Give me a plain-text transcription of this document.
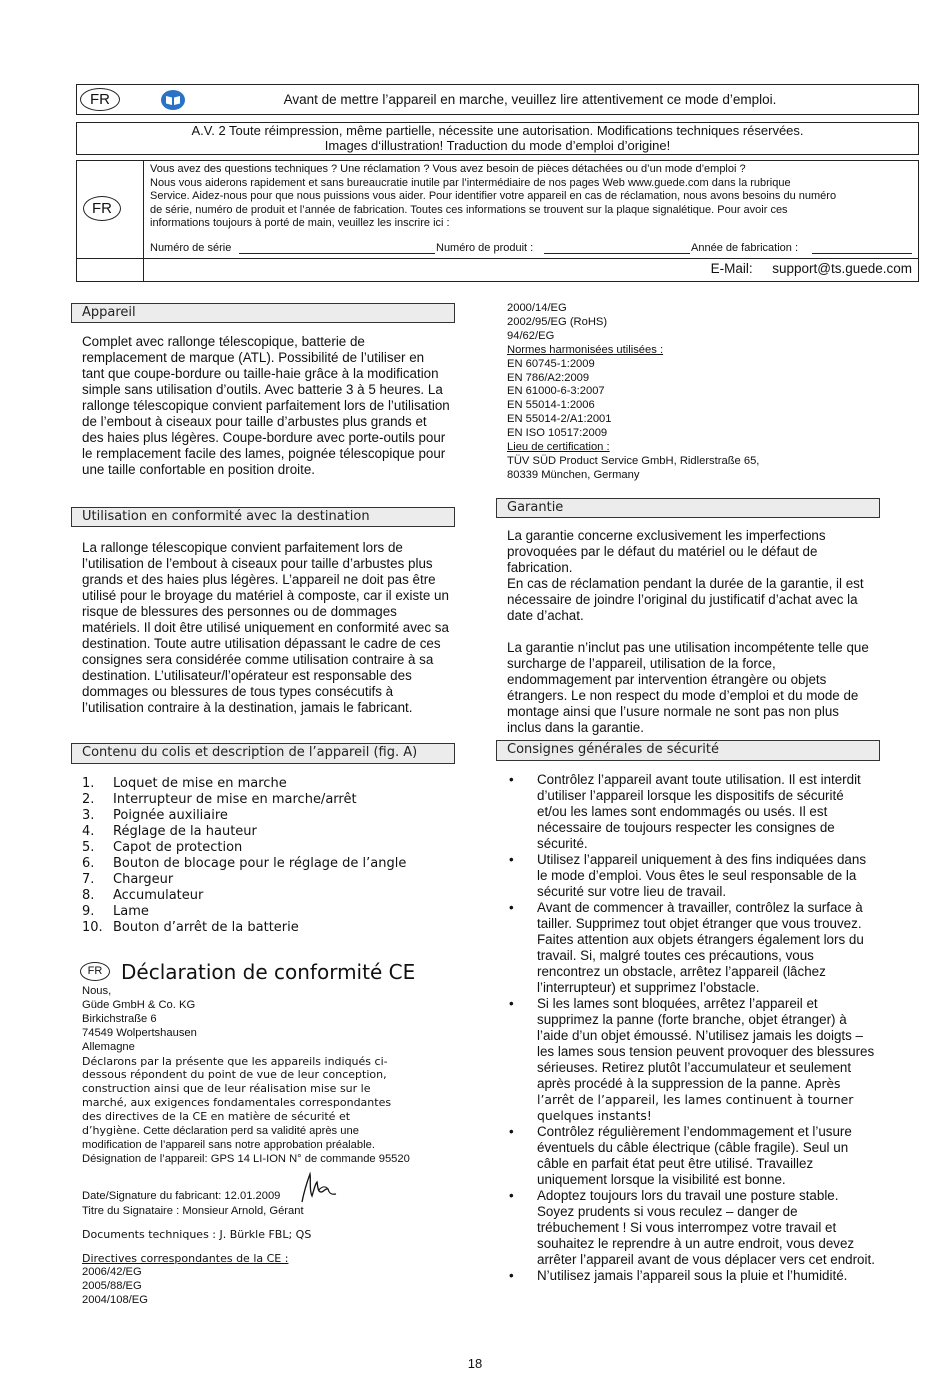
FR	Avant de mettre l’appareil en marche, veuillez lire attentivement ce mode d’emploi.
A.V. 2 Toute réimpression, même partielle, nécessite une autorisation. Modifications techniques réservées.
Images d‘illustration! Traduction du mode d’emploi d’origine!
FR
Vous avez des questions techniques ? Une réclamation ? Vous avez besoin de pièces détachées ou d’un mode d’emploi ?
Nous vous aiderons rapidement et sans bureaucratie inutile par l’intermédiaire de nos pages Web www.guede.com dans la rubrique
Service. Aidez-nous pour que nous puissions vous aider. Pour identifier votre appareil en cas de réclamation, nous avons besoins du numéro
de série, numéro de produit et l’année de fabrication. Toutes ces informations se trouvent sur la plaque signalétique. Pour avoir ces
informations toujours à porté de main, veuillez les inscrire ici :
Numéro de série	Numéro de produit :	Année de fabrication :
E-Mail: support@ts.guede.com
Appareil
Complet avec rallonge télescopique, batterie de remplacement de marque (ATL). Possibilité de l’utiliser en tant que coupe-bordure ou taille-haie grâce à la modification simple sans utilisation d’outils. Avec batterie 3 à 5 heures. La rallonge télescopique convient parfaitement lors de l’utilisation de l’embout à ciseaux pour taille d’arbustes plus grands et des haies plus légères. Coupe-bordure avec porte-outils pour le remplacement facile des lames, poignée télescopique pour une taille confortable en position droite.
Utilisation en conformité avec la destination
La rallonge télescopique convient parfaitement lors de l’utilisation de l’embout à ciseaux pour taille d’arbustes plus grands et des haies plus légères. L’appareil ne doit pas être utilisé pour le broyage du matériel à composte, car il existe un risque de blessures des personnes ou de dommages matériels. Il doit être utilisé uniquement en conformité avec sa destination. Toute autre utilisation dépassant le cadre de ces consignes sera considérée comme utilisation contraire à sa destination. L’utilisateur/l’opérateur est responsable des dommages ou blessures de tous types consécutifs à l’utilisation contraire à la destination, jamais le fabricant.
Contenu du colis et description de l’appareil (fig. A)
1. Loquet de mise en marche
2. Interrupteur de mise en marche/arrêt
3. Poignée auxiliaire
4. Réglage de la hauteur
5. Capot de protection
6. Bouton de blocage pour le réglage de l’angle
7. Chargeur
8. Accumulateur
9. Lame
10. Bouton d’arrêt de la batterie
FR Déclaration de conformité CE
Nous,
Güde GmbH & Co. KG
Birkichstraße 6
74549 Wolpertshausen
Allemagne
Déclarons par la présente que les appareils indiqués ci-
dessous répondent du point de vue de leur conception,
construction ainsi que de leur réalisation mise sur le
marché, aux exigences fondamentales correspondantes
des directives de la CE en matière de sécurité et
d’hygiène. Cette déclaration perd sa validité après une
modification de l’appareil sans notre approbation préalable.
Désignation de l’appareil: GPS 14 LI-ION N° de commande 95520
Date/Signature du fabricant: 12.01.2009
Titre du Signataire : Monsieur Arnold, Gérant
Documents techniques : J. Bürkle FBL; QS
Directives correspondantes de la CE :
2006/42/EG
2005/88/EG
2004/108/EG
2000/14/EG
2002/95/EG (RoHS)
94/62/EG
Normes harmonisées utilisées :
EN 60745-1:2009
EN 786/A2:2009
EN 61000-6-3:2007
EN 55014-1:2006
EN 55014-2/A1:2001
EN ISO 10517:2009
Lieu de certification :
TÜV SÜD Product Service GmbH, Ridlerstraße 65,
80339 München, Germany
Garantie

La garantie concerne exclusivement les imperfections provoquées par le défaut du matériel ou le défaut de fabrication.

En cas de réclamation pendant la durée de la garantie, il est nécessaire de joindre l’original du justificatif d’achat avec la date d’achat.

La garantie n’inclut pas une utilisation incompétente telle que surcharge de l’appareil, utilisation de la force, endommagement par intervention étrangère ou objets étrangers. Le non respect du mode d’emploi et du mode de montage ainsi que l’usure normale ne sont pas non plus inclus dans la garantie.

Consignes générales de sécurité
• Contrôlez l’appareil avant toute utilisation. Il est interdit d’utiliser l’appareil lorsque les dispositifs de sécurité et/ou les lames sont endommagés ou usés. Il est nécessaire de toujours respecter les consignes de sécurité.
• Utilisez l’appareil uniquement à des fins indiquées dans le mode d’emploi. Vous êtes le seul responsable de la sécurité sur votre lieu de travail.
• Avant de commencer à travailler, contrôlez la surface à tailler. Supprimez tout objet étranger que vous trouvez. Faites attention aux objets étrangers également lors du travail. Si, malgré toutes ces précautions, vous rencontrez un obstacle, arrêtez l’appareil (lâchez l’interrupteur) et supprimez l’obstacle.
• Si les lames sont bloquées, arrêtez l’appareil et supprimez la panne (forte branche, objet étranger) à l’aide d’un objet émoussé. N’utilisez jamais les doigts – les lames sous tension peuvent provoquer des blessures sérieuses. Retirez plutôt l’accumulateur et seulement après procédé à la suppression de la panne. Après l’arrêt de l’appareil, les lames continuent à tourner quelques instants!
• Contrôlez régulièrement l’endommagement et l’usure éventuels du câble électrique (câble fragile). Seul un câble en parfait état peut être utilisé. Travaillez uniquement lorsque la visibilité est bonne.
• Adoptez toujours lors du travail une posture stable. Soyez prudents si vous reculez – danger de trébuchement ! Si vous interrompez votre travail et souhaitez le reprendre à un autre endroit, vous devez arrêter l’appareil avant de vous déplacer vers cet endroit.
• N’utilisez jamais l’appareil sous la pluie et l’humidité.
18
